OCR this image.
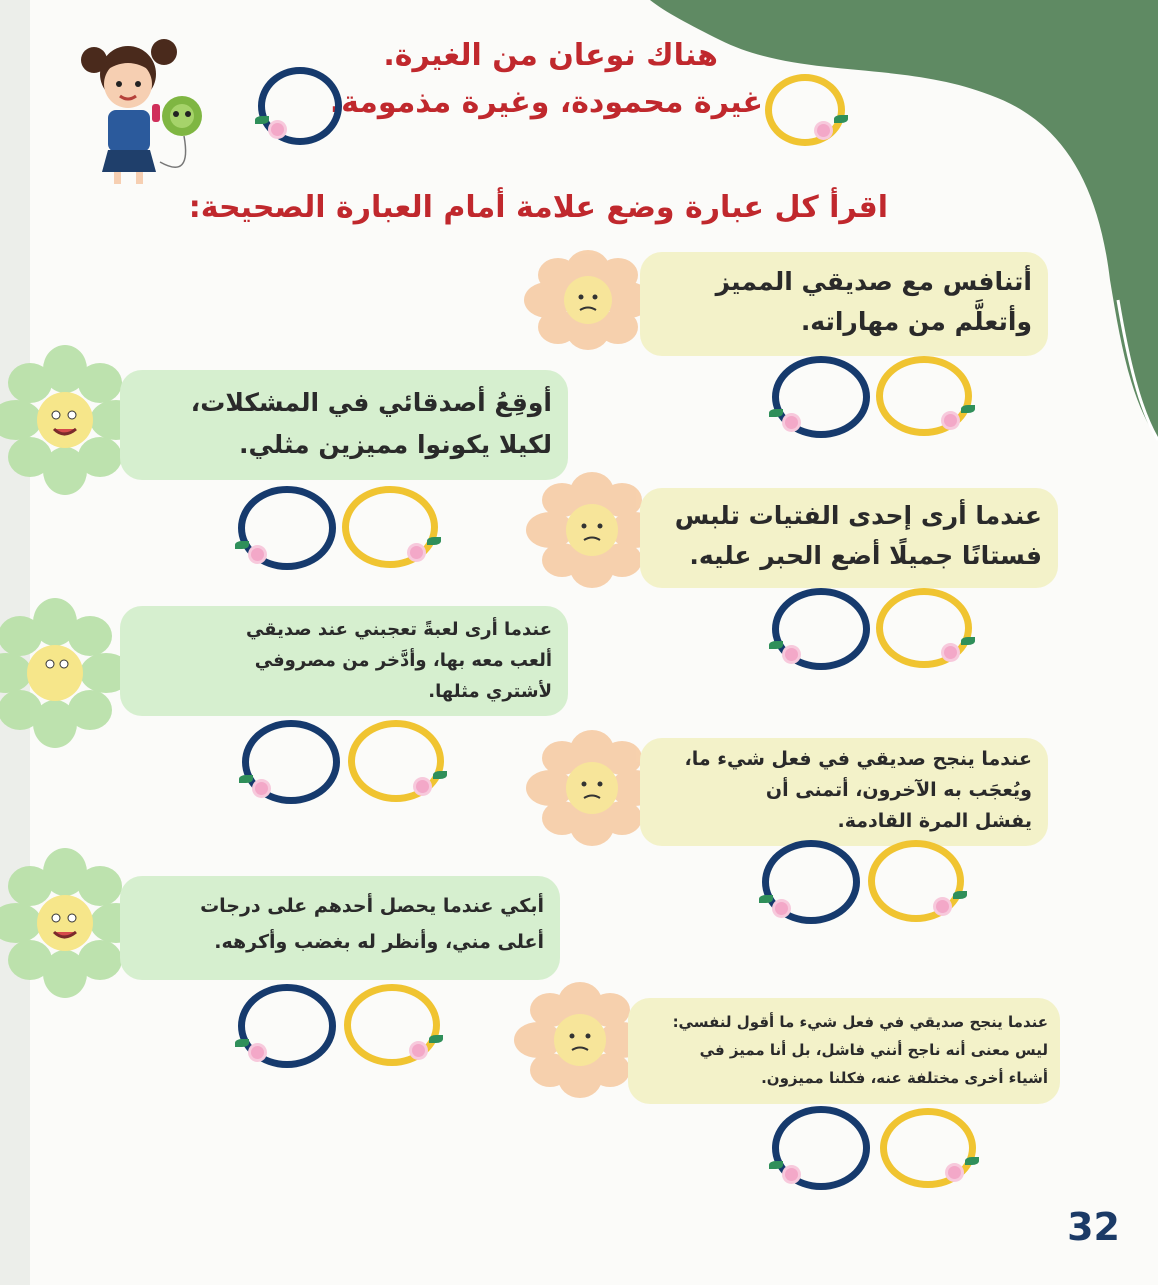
هناك نوعان من الغيرة.
غيرة محمودة، وغيرة مذمومة.
اقرأ كل عبارة وضع علامة أمام العبارة الصحيحة:
أتنافس مع صديقي المميز
وأتعلَّم من مهاراته.
عندما أرى إحدى الفتيات تلبس
فستانًا جميلًا أضع الحبر عليه.
عندما ينجح صديقي في فعل شيء ما،
ويُعجَب به الآخرون، أتمنى أن
يفشل المرة القادمة.
عندما ينجح صديقي في فعل شيء ما أقول لنفسي:
ليس معنى أنه ناجح أنني فاشل، بل أنا مميز في
أشياء أخرى مختلفة عنه، فكلنا مميزون.
أوقِعُ أصدقائي في المشكلات،
لكيلا يكونوا مميزين مثلي.
عندما أرى لعبةً تعجبني عند صديقي
ألعب معه بها، وأدَّخر من مصروفي
لأشتري مثلها.
أبكي عندما يحصل أحدهم على درجات
أعلى مني، وأنظر له بغضب وأكرهه.
32
